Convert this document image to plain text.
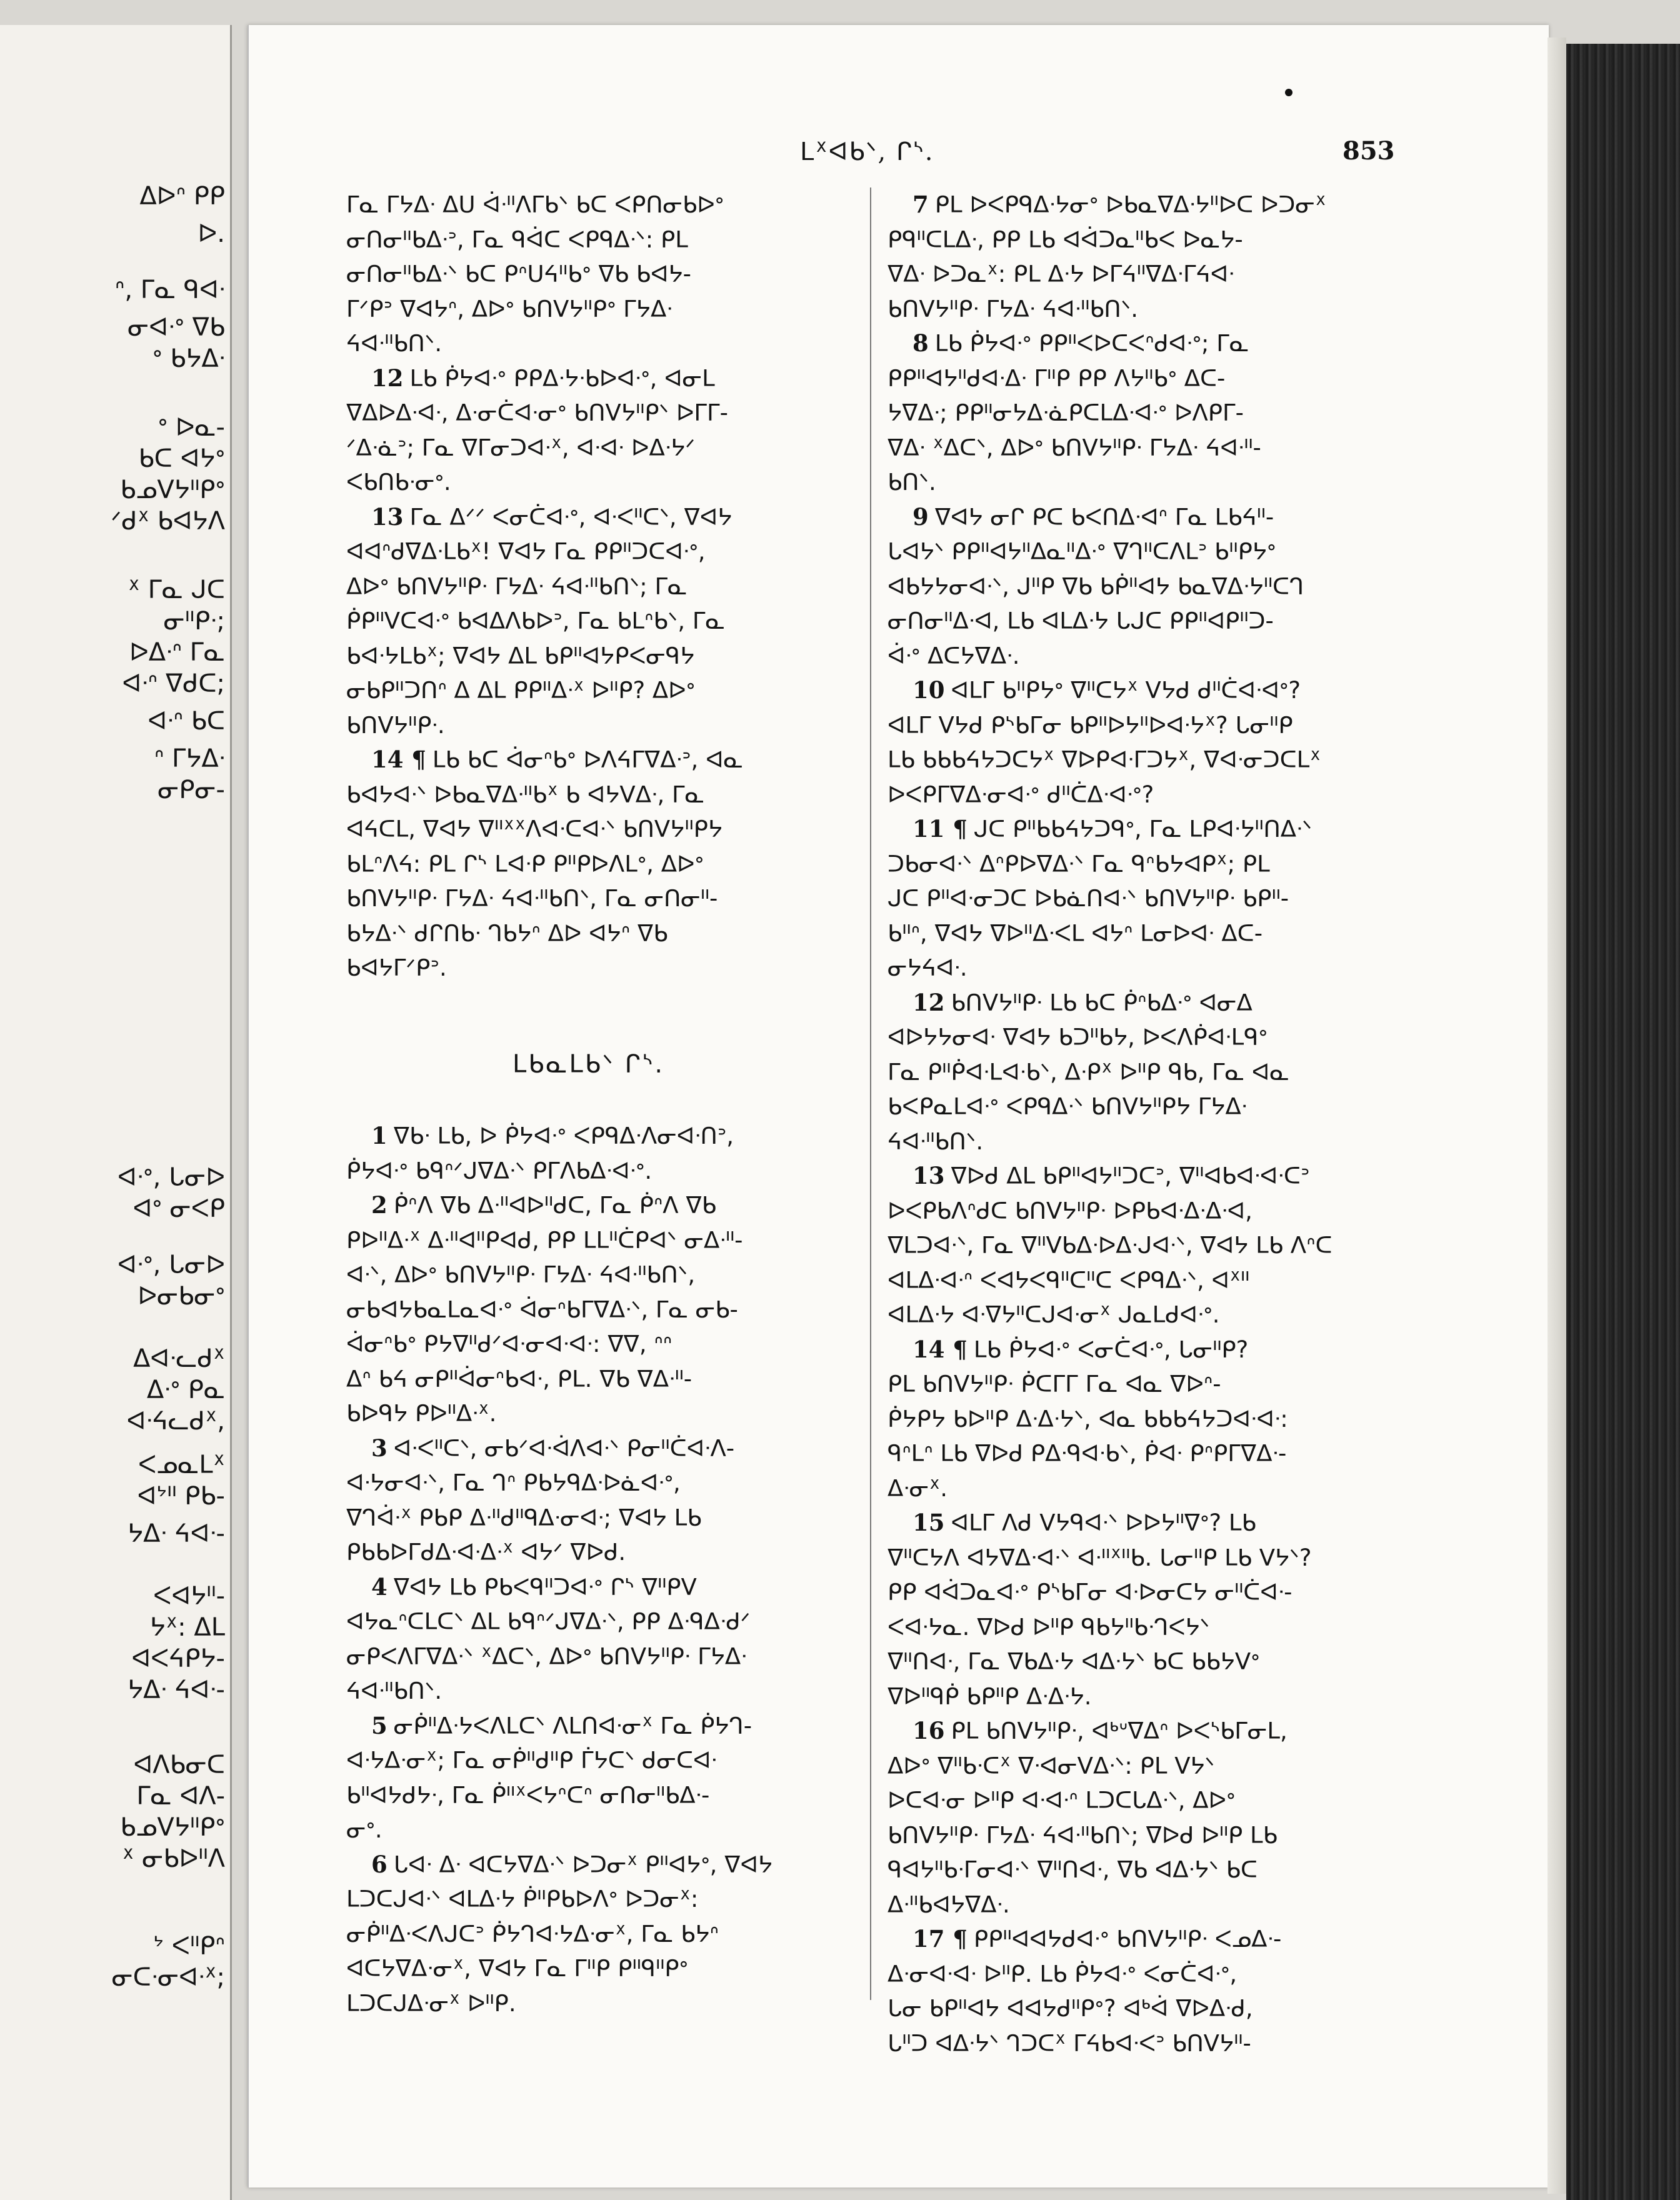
ᐃᐅᐢ ᑭᑭ
ᐅ.
ᐢ, ᒥᓇ ᑫᐊᐧ
ᓂᐊᐧᐤ ᐁᑲ
ᐤ ᑲᔭᐃᐧ
ᐤ ᐅᓇ-
ᑲᑕ ᐊᔭᐤ
ᑲᓄᐯᔭᐦᑭᐤ
ᐟᑯᕽ ᑲᐊᔭᐱ
ᕽ ᒥᓇ ᒍᑕ
ᓂᐦᑭᐧ;
ᐅᐃᐧᐢ ᒥᓇ
ᐊᐧᐢ ᐁᑯᑕ;
ᐊᐧᐢ ᑲᑕ
ᐢ ᒥᔭᐃᐧ
ᓂᑭᓂ-
ᐊᐧᐤ, ᒐᓂᐅ
ᐊᐤ ᓂᐸᑭ
ᐊᐧᐤ, ᒐᓂᐅ
ᐅᓂᑲᓂᐤ
ᐃᐊᐧᓚᑯᕽ
ᐃᐧᐤ ᑭᓇ
ᐊᐧᔦᓚᑯᕽ,
ᐸᓄᓇᒪᕽ
ᐊᔾᐦ ᑭᑲ-
ᔭᐃᐧ ᔦᐊᐧ-
ᐸᐊᔭᐦ-
ᔭᕽ: ᐃᒪ
ᐊᐸᔦᑭᔭ-
ᔭᐃᐧ ᔦᐊᐧ-
ᐊᐱᑲᓂᑕ
ᒥᓇ ᐊᐱ-
ᑲᓄᐯᔭᐦᑭᐤ
ᕽ ᓂᑲᐅᐦᐱ
ᔾ ᐸᐦᑭᐢ
ᓂᑕᐧᓂᐊᐧᕽ;
ᒪᕽᐊᑲᐠ, ᒋᔅ.	853
ᒥᓇ ᒥᔭᐃᐧ ᐃᑌ ᐋᐧᐦᐱᒥᑲᐠ ᑲᑕ ᐸᑭᑎᓂᑲᐅᐤ
ᓂᑎᓂᐦᑲᐃᐧᐣ, ᒥᓇ ᑫᐋᑕ ᐸᑭᑫᐃᐧᐠ: ᑭᒪ
ᓂᑎᓂᐦᑲᐃᐧᐠ ᑲᑕ ᑭᐢᑌᔦᐦᑲᐤ ᐁᑲ ᑲᐊᔭ-
ᒥᐟᑭᐣ ᐁᐊᔭᐢ, ᐃᐅᐤ ᑲᑎᐯᔭᐦᑭᐤ ᒥᔭᐃᐧ
ᔦᐊᐧᐦᑲᑎᐠ.
12 ᒪᑲ ᑮᔭᐊᐧᐤ ᑭᑭᐃᐧᔭᐧᑲᐅᐊᐧᐤ, ᐊᓂᒪ
ᐁᐃᐅᐃᐧᐊᐧ, ᐃᐧᓂᑖᐊᐧᓂᐤ ᑲᑎᐯᔭᐦᑭᐠ ᐅᒥᒥ-
ᐟᐃᐧᓈᐣ; ᒥᓇ ᐁᒥᓂᑐᐊᐧᕽ, ᐊᐧᐊᐧ ᐅᐃᐧᔭᐟ
ᐸᑲᑎᑲᐧᓂᐤ.
13 ᒥᓇ ᐃᐟᐟ ᐸᓂᑖᐊᐧᐤ, ᐊᐧᐸᐦᑕᐠ, ᐁᐊᔭ
ᐊᐊᐢᑯᐁᐃᐧᒪᑲᕽ! ᐁᐊᔭ ᒥᓇ ᑭᑭᐦᑐᑕᐊᐧᐤ,
ᐃᐅᐤ ᑲᑎᐯᔭᐦᑭᐧ ᒥᔭᐃᐧ ᔦᐊᐧᐦᑲᑎᐠ; ᒥᓇ
ᑮᑭᐦᐯᑕᐊᐧᐤ ᑲᐊᐃᐱᑲᐅᐣ, ᒥᓇ ᑲᒪᐢᑲᐠ, ᒥᓇ
ᑲᐊᐧᔭᒪᑲᕽ; ᐁᐊᔭ ᐃᒪ ᑲᑭᐦᐊᔭᑭᐸᓂᑫᔭ
ᓂᑲᑭᐦᑐᑎᐢ ᐃ ᐃᒪ ᑭᑭᐦᐃᐧᕽ ᐅᐦᑭ? ᐃᐅᐤ
ᑲᑎᐯᔭᐦᑭᐧ.
14 ¶ ᒪᑲ ᑲᑕ ᐋᓂᐢᑲᐤ ᐅᐱᔦᒥᐁᐃᐧᐣ, ᐊᓇ
ᑲᐊᔭᐊᐧᐠ ᐅᑲᓇᐁᐃᐧᐦᑲᕽ ᑲ ᐊᔭᐯᐃᐧ, ᒥᓇ
ᐊᔦᑕᒪ, ᐁᐊᔭ ᐁᐦᕽᕽᐱᐊᐧᑕᐊᐧᐠ ᑲᑎᐯᔭᐦᑭᔭ
ᑲᒪᐢᐱᔦ: ᑭᒪ ᒋᔅ ᒪᐊᐧᑭ ᑭᐦᑭᐅᐱᒪᐤ, ᐃᐅᐤ
ᑲᑎᐯᔭᐦᑭᐧ ᒥᔭᐃᐧ ᔦᐊᐧᐦᑲᑎᐠ, ᒥᓇ ᓂᑎᓂᐦ-
ᑲᔭᐃᐧᐠ ᑯᒋᑎᑲᐧ ᒉᑲᔭᐢ ᐃᐅ ᐊᔭᐢ ᐁᑲ
ᑲᐊᔭᒥᐟᑭᐣ.
ᒪᑲᓇᒪᑲᐠ ᒋᔅ.
1 ᐁᑲᐧ ᒪᑲ, ᐅ ᑮᔭᐊᐧᐤ ᐸᑭᑫᐃᐧᐱᓂᐊᐧᑎᐣ,
ᑮᔭᐊᐧᐤ ᑲᑫᐢᐟᒍᐁᐃᐧᐠ ᑭᒥᐱᑲᐃᐧᐊᐧᐤ.
2 ᑮᐢᐱ ᐁᑲ ᐃᐧᐦᐊᐅᐦᑯᑕ, ᒥᓇ ᑮᐢᐱ ᐁᑲ
ᑭᐅᐦᐃᐧᕽ ᐃᐧᐦᐊᐦᑭᐊᑯ, ᑭᑭ ᒪᒪᐦᑖᑭᐊᐠ ᓂᐃᐧᐦ-
ᐊᐧᐠ, ᐃᐅᐤ ᑲᑎᐯᔭᐦᑭᐧ ᒥᔭᐃᐧ ᔦᐊᐧᐦᑲᑎᐠ,
ᓂᑲᐊᔭᑲᓇᒪᓇᐊᐧᐤ ᐋᓂᐢᑲᒥᐁᐃᐧᐠ, ᒥᓇ ᓂᑲ-
ᐋᓂᐢᑲᐤ ᑭᔭᐁᐦᑯᐟᐊᐧᓂᐊᐧᐊᐧ: ᐁᐁ, ᐢᐢ
ᐃᐢ ᑲᔦ ᓂᑭᐦᐋᓂᐢᑲᐊᐧ, ᑭᒪ. ᐁᑲ ᐁᐃᐧᐦ-
ᑲᐅᑫᔭ ᑭᐅᐦᐃᐧᕽ.
3 ᐊᐧᐸᐦᑕᐠ, ᓂᑲᐟᐊᐧᐋᐱᐊᐧᐠ ᑭᓂᐦᑖᐊᐧᐱ-
ᐊᐧᔭᓂᐊᐧᐠ, ᒥᓇ ᒉᐢ ᑭᑲᔭᑫᐃᐧᐅᓈᐊᐧᐤ,
ᐁᒉᐋᐧᕽ ᑭᑲᑭ ᐃᐧᐦᑯᐦᑫᐃᐧᓂᐊᐧ; ᐁᐊᔭ ᒪᑲ
ᑭᑲᑲᐅᒥᑯᐃᐧᐊᐧᐃᐧᕽ ᐊᔭᐟ ᐁᐅᑯ.
4 ᐁᐊᔭ ᒪᑲ ᑭᑲᐸᑫᐦᑐᐊᐧᐤ ᒋᔅ ᐁᐦᑭᐯ
ᐊᔭᓇᐢᑕᒪᑕᐠ ᐃᒪ ᑲᑫᐢᐟᒍᐁᐃᐧᐠ, ᑭᑭ ᐃᐧᑫᐃᐧᑯᐟ
ᓂᑭᐸᐱᒥᐁᐃᐧᐠ ᕽᐃᑕᐠ, ᐃᐅᐤ ᑲᑎᐯᔭᐦᑭᐧ ᒥᔭᐃᐧ
ᔦᐊᐧᐦᑲᑎᐠ.
5 ᓂᑮᐦᐃᐧᔭᐸᐱᒪᑕᐠ ᐱᒪᑎᐊᐧᓂᕽ ᒥᓇ ᑮᔭᒉ-
ᐊᐧᔭᐃᐧᓂᕽ; ᒥᓇ ᓂᑮᐦᑯᐦᑭ ᒦᔭᑕᐠ ᑯᓂᑕᐊᐧ
ᑲᐦᐊᔭᑯᔭᐧ, ᒥᓇ ᑮᐦᕽᐸᔭᐢᑕᐢ ᓂᑎᓂᐦᑲᐃᐧ-
ᓂᐤ.
6 ᒐᐊᐧ ᐃᐧ ᐊᑕᔭᐁᐃᐧᐠ ᐅᑐᓂᕽ ᑭᐦᐊᔭᐤ, ᐁᐊᔭ
ᒪᑐᑕᒍᐊᐧᐠ ᐊᒪᐃᐧᔭ ᑮᐦᑭᑲᐅᐱᐤ ᐅᑐᓂᕽ:
ᓂᑮᐦᐃᐧᐸᐱᒍᑕᐣ ᑮᔭᒉᐊᐧᔭᐃᐧᓂᕽ, ᒥᓇ ᑲᔭᐢ
ᐊᑕᔭᐁᐃᐧᓂᕽ, ᐁᐊᔭ ᒥᓇ ᒥᐦᑭ ᑭᐦᑫᐦᑭᐤ
ᒪᑐᑕᒍᐃᐧᓂᕽ ᐅᐦᑭ.
7 ᑭᒪ ᐅᐸᑭᑫᐃᐧᔭᓂᐤ ᐅᑲᓇᐁᐃᐧᔭᐦᐅᑕ ᐅᑐᓂᕽ
ᑭᑫᐦᑕᒪᐃᐧ, ᑭᑭ ᒪᑲ ᐊᐋᑐᓇᐦᑲᐸ ᐅᓇᔭ-
ᐁᐃᐧ ᐅᑐᓇᕽ: ᑭᒪ ᐃᐧᔭ ᐅᒥᔦᐦᐁᐃᐧᒥᔦᐊᐧ
ᑲᑎᐯᔭᐦᑭᐧ ᒥᔭᐃᐧ ᔦᐊᐧᐦᑲᑎᐠ.
8 ᒪᑲ ᑮᔭᐊᐧᐤ ᑭᑭᐦᐸᐅᑕᐸᐢᑯᐊᐧᐤ; ᒥᓇ
ᑭᑭᐦᐊᔭᐦᑯᐊᐧᐃᐧ ᒥᐦᑭ ᑭᑭ ᐱᔭᐦᑲᐤ ᐃᑕ-
ᔭᐁᐃᐧ; ᑭᑭᐦᓂᔭᐃᐧᓈᑭᑕᒪᐃᐧᐊᐧᐤ ᐅᐱᑭᒥ-
ᐁᐃᐧ ᕽᐃᑕᐠ, ᐃᐅᐤ ᑲᑎᐯᔭᐦᑭᐧ ᒥᔭᐃᐧ ᔦᐊᐧᐦ-
ᑲᑎᐠ.
9 ᐁᐊᔭ ᓂᒋ ᑭᑕ ᑲᐸᑎᐃᐧᐊᐢ ᒥᓇ ᒪᑲᔦᐦ-
ᒐᐊᔭᐠ ᑭᑭᐦᐊᔭᐦᐃᓇᐦᐃᐧᐤ ᐁᒉᐦᑕᐱᒪᐣ ᑲᐦᑭᔭᐤ
ᐊᑲᔭᔭᓂᐊᐧᐠ, ᒍᐦᑭ ᐁᑲ ᑲᑮᐦᐊᔭ ᑲᓇᐁᐃᐧᔭᐦᑕᒉ
ᓂᑎᓂᐦᐃᐧᐊ, ᒪᑲ ᐊᒪᐃᐧᔭ ᒐᒍᑕ ᑭᑭᐦᐊᑭᐦᑐ-
ᐋᐧᐤ ᐃᑕᔭᐁᐃᐧ.
10 ᐊᒪᒥ ᑲᐦᑭᔭᐤ ᐁᐦᑕᔭᕽ ᐯᔭᑯ ᑯᐦᑖᐊᐧᐊᐤ?
ᐊᒪᒥ ᐯᔭᑯ ᑭᔅᑲᒥᓂ ᑲᑭᐦᐅᔭᐦᐅᐊᐧᔭᕽ? ᒐᓂᐦᑭ
ᒪᑲ ᑲᑲᑲᔦᔭᑐᑕᔭᕽ ᐁᐅᑭᐊᐧᒥᑐᔭᕽ, ᐁᐊᐧᓂᑐᑕᒪᕽ
ᐅᐸᑭᒥᐁᐃᐧᓂᐊᐧᐤ ᑯᐦᑖᐃᐧᐊᐧᐤ?
11 ¶ ᒍᑕ ᑭᐦᑲᑲᔦᔭᑐᑫᐤ, ᒥᓇ ᒪᑭᐊᐧᔭᐦᑎᐃᐧᐠ
ᑐᑲᓂᐊᐧᐠ ᐃᐢᑭᐅᐁᐃᐧᐠ ᒥᓇ ᑫᐢᑲᔭᐊᑭᕽ; ᑭᒪ
ᒍᑕ ᑭᐦᐊᐧᓂᑐᑕ ᐅᑲᓈᑎᐊᐧᐠ ᑲᑎᐯᔭᐦᑭᐧ ᑲᑭᐦ-
ᑲᐦᐢ, ᐁᐊᔭ ᐁᐅᐦᐃᐧᐸᒪ ᐊᔭᐢ ᒪᓂᐅᐊᐧ ᐃᑕ-
ᓂᔭᔦᐊᐧ.
12 ᑲᑎᐯᔭᐦᑭᐧ ᒪᑲ ᑲᑕ ᑮᐢᑲᐃᐧᐤ ᐊᓂᐃ
ᐊᐅᔭᔭᓂᐊᐧ ᐁᐊᔭ ᑲᑐᐦᑲᔭ, ᐅᐸᐱᑮᐊᐧᒪᑫᐤ
ᒥᓇ ᑭᐦᑮᐊᐧᒪᐊᐧᑲᐠ, ᐃᐧᑭᕽ ᐅᐦᑭ ᑫᑲ, ᒥᓇ ᐊᓇ
ᑲᐸᑭᓇᒪᐊᐧᐤ ᐸᑭᑫᐃᐧᐠ ᑲᑎᐯᔭᐦᑭᔭ ᒥᔭᐃᐧ
ᔦᐊᐧᐦᑲᑎᐠ.
13 ᐁᐅᑯ ᐃᒪ ᑲᑭᐦᐊᔭᐦᑐᑕᐣ, ᐁᐦᐊᑲᐊᐧᐊᐧᑕᐣ
ᐅᐸᑭᑲᐱᐢᑯᑕ ᑲᑎᐯᔭᐦᑭᐧ ᐅᑭᑲᐊᐧᐃᐧᐃᐧᐊ,
ᐁᒪᑐᐊᐧᐠ, ᒥᓇ ᐁᐦᐯᑲᐃᐧᐅᐃᐧᒍᐊᐧᐠ, ᐁᐊᔭ ᒪᑲ ᐱᐢᑕ
ᐊᒪᐃᐧᐊᐧᐢ ᐸᐊᔭᐸᑫᐦᑕᐦᑕ ᐸᑭᑫᐃᐧᐠ, ᐊᕽᐦ
ᐊᒪᐃᐧᔭ ᐊᐧᐁᔭᐦᑕᒍᐊᐧᓂᕽ ᒍᓇᒪᑯᐊᐧᐤ.
14 ¶ ᒪᑲ ᑮᔭᐊᐧᐤ ᐸᓂᑖᐊᐧᐤ, ᒐᓂᐦᑭ?
ᑭᒪ ᑲᑎᐯᔭᐦᑭᐧ ᑮᑕᒥᒥ ᒥᓇ ᐊᓇ ᐁᐅᐢ-
ᑮᔭᑭᔭ ᑲᐅᐦᑭ ᐃᐧᐃᐧᔭᐠ, ᐊᓇ ᑲᑲᑲᔦᔭᑐᐊᐧᐊᐧ:
ᑫᐢᒪᐢ ᒪᑲ ᐁᐅᑯ ᑭᐃᐧᑫᐊᐧᑲᐠ, ᑮᐊᐧ ᑭᐢᑭᒥᐁᐃᐧ-
ᐃᐧᓂᕽ.
15 ᐊᒪᒥ ᐱᑯ ᐯᔭᑫᐊᐧᐠ ᐅᐅᔭᐦᐁᐤ? ᒪᑲ
ᐁᐦᑕᔭᐱ ᐊᔭᐁᐃᐧᐊᐧᐠ ᐊᐧᐦᕽᐦᑲ. ᒐᓂᐦᑭ ᒪᑲ ᐯᔭᐠ?
ᑭᑭ ᐊᐋᑐᓇᐊᐧᐤ ᑭᔅᑲᒥᓂ ᐊᐧᐅᓂᑕᔭ ᓂᐦᑖᐊᐧ-
ᐸᐊᐧᔭᓇ. ᐁᐅᑯ ᐅᐦᑭ ᑫᑲᔭᐦᑲᐧᒉᐸᔭᐠ
ᐁᐦᑎᐊᐧ, ᒥᓇ ᐁᑲᐃᐧᔭ ᐊᐃᐧᔭᐠ ᑲᑕ ᑲᑲᔭᐯᐤ
ᐁᐅᐦᑫᑮ ᑲᑭᐦᑭ ᐃᐧᐃᐧᔭ.
16 ᑭᒪ ᑲᑎᐯᔭᐦᑭᐧ, ᐊᒃᐡᐁᐃᐢ ᐅᐸᔅᑲᒥᓂᒪ,
ᐃᐅᐤ ᐁᐦᑲᐧᑕᕽ ᐁᐧᐊᓂᐯᐃᐧᐠ: ᑭᒪ ᐯᔭᐠ
ᐅᑕᐊᐧᓂ ᐅᐦᑭ ᐊᐧᐊᐧᐢ ᒪᑐᑕᒐᐃᐧᐠ, ᐃᐅᐤ
ᑲᑎᐯᔭᐦᑭᐧ ᒥᔭᐃᐧ ᔦᐊᐧᐦᑲᑎᐠ; ᐁᐅᑯ ᐅᐦᑭ ᒪᑲ
ᑫᐊᔭᐦᑲᐧᒥᓂᐊᐧᐠ ᐁᐦᑎᐊᐧ, ᐁᑲ ᐊᐃᐧᔭᐠ ᑲᑕ
ᐃᐧᐦᑲᐊᔭᐁᐃᐧ.
17 ¶ ᑭᑭᐦᐊᐊᔭᑯᐊᐧᐤ ᑲᑎᐯᔭᐦᑭᐧ ᐸᓄᐃᐧ-
ᐃᐧᓂᐊᐧᐊᐧ ᐅᐦᑭ. ᒪᑲ ᑮᔭᐊᐧᐤ ᐸᓂᑖᐊᐧᐤ,
ᒐᓂ ᑲᑭᐦᐊᔭ ᐊᐊᔭᑯᐦᑭᐤ? ᐊᒃᐋ ᐁᐅᐃᐧᑯ,
ᒐᐦᑐ ᐊᐃᐧᔭᐠ ᒉᑐᑕᕽ ᒥᔦᑲᐊᐧᐸᐣ ᑲᑎᐯᔭᐦ-
